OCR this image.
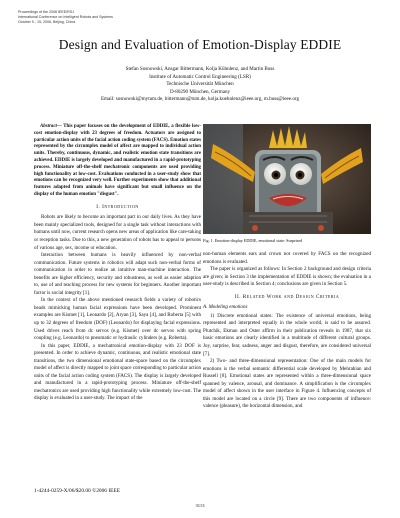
Proceedings of the 2006 IEEE/RSJ
International Conference on Intelligent Robots and Systems
October 9 - 15, 2006, Beijing, China
Design and Evaluation of Emotion-Display EDDIE
Stefan Sosnowski, Ansgar Bittermann, Kolja Kühnlenz, and Martin Buss
Institute of Automatic Control Engineering (LSR)
Technische Universität München
D-80290 München, Germany
Email: sosnowski@mytum.de, bittermann@tum.de, kolja.kuehnlenz@ieee.org, m.buss@ieee.org

Abstract— This paper focuses on the development of EDDIE, a flexible low-cost emotion-display with 23 degrees of freedom. Actuators are assigned to particular action units of the facial action coding system (FACS). Emotion states represented by the circumplex model of affect are mapped to individual action units. Thereby, continuous, dynamic, and realistic emotion state transitions are achieved. EDDIE is largely developed and manufactured in a rapid-prototyping process. Miniature off-the-shelf mechatronic components are used providing high functionality at low-cost. Evaluations conducted in a user-study show that emotions can be recognized very well. Further experiments show that additional features adapted from animals have significant but small influence on the display of the human emotion "disgust".

I. Introduction

Robots are likely to become an important part in our daily lives. As they have been mainly specialized tools, designed for a single task without interactions with humans until now, current research opens new areas of application like care-taking or reception tasks. Due to this, a new generation of robots has to appeal to persons of various age, sex, income or education.

Interaction between humans is heavily influenced by non-verbal communication. Future systems in robotics will adapt such non-verbal forms of communication in order to realize an intuitive man-machine interaction. The benefits are higher efficiency, security and robustness, as well as easier adaption to, use of and teaching process for new systems for beginners. Another important factor is social integrity [1].

In the context of the above mentioned research fields a variety of robotics heads mimicking human facial expressions have been developed. Prominent examples are Kismet [1], Leonardo [2], Aryan [3], Saya [4], and Roberta [5] with up to 32 degrees of freedom (DOF) (Leonardo) for displaying facial expressions. Used drives reach from dc servos (e.g. Kismet) over dc servos with spring coupling (e.g. Leonardo) to pneumatic or hydraulic cylinders (e.g. Roberta).

In this paper, EDDIE, a mechatronical emotion-display with 23 DOF is presented. In order to achieve dynamic, continuous, and realistic emotional state transitions, the two dimensional emotional state-space based on the circumplex model of affect is directly mapped to joint space corresponding to particular action units of the facial action coding system (FACS). The display is largely developed and manufactured in a rapid-prototyping process. Miniature off-the-shelf mechatronics are used providing high functionality while extremely low-cost. The display is evaluated in a user-study. The impact of the

Fig. 1. Emotion-display EDDIE, emotional state: Surprised

non-human elements ears and crown not covered by FACS on the recognized emotions is evaluated.

The paper is organized as follows: In Section 2 background and design criteria are given; in Section 3 the implementation of EDDIE is shown; the evaluation in a user-study is described in Section 4; conclusions are given in Section 5.

II. Related Work and Design Criteria
A. Modeling emotions

1) Discrete emotional states: The existence of universal emotions, being represented and interpreted equally in the whole world, is said to be assured. Plutchik, Ekman and Oster affirm in their publication reveals in 1987, that six basic emotions are clearly identified in a multitude of different cultural groups. Joy, surprise, fear, sadness, anger and disgust, therefore, are considered universal [7].

2) Two- and three-dimensional representation: One of the main models for emotions is the verbal semantic differential scale developed by Mehrabian and Russell [8]. Emotional states are represented within a three-dimensional space spanned by valence, arousal, and dominance. A simplification is the circumplex model of affect shown in the user interface in Figure 4. Influencing concepts of this model are located on a circle [9]. There are two components of influence: valence (pleasure), the horizontal dimension, and

1-4244-0259-X/06/$20.00 ©2006 IEEE
3113
